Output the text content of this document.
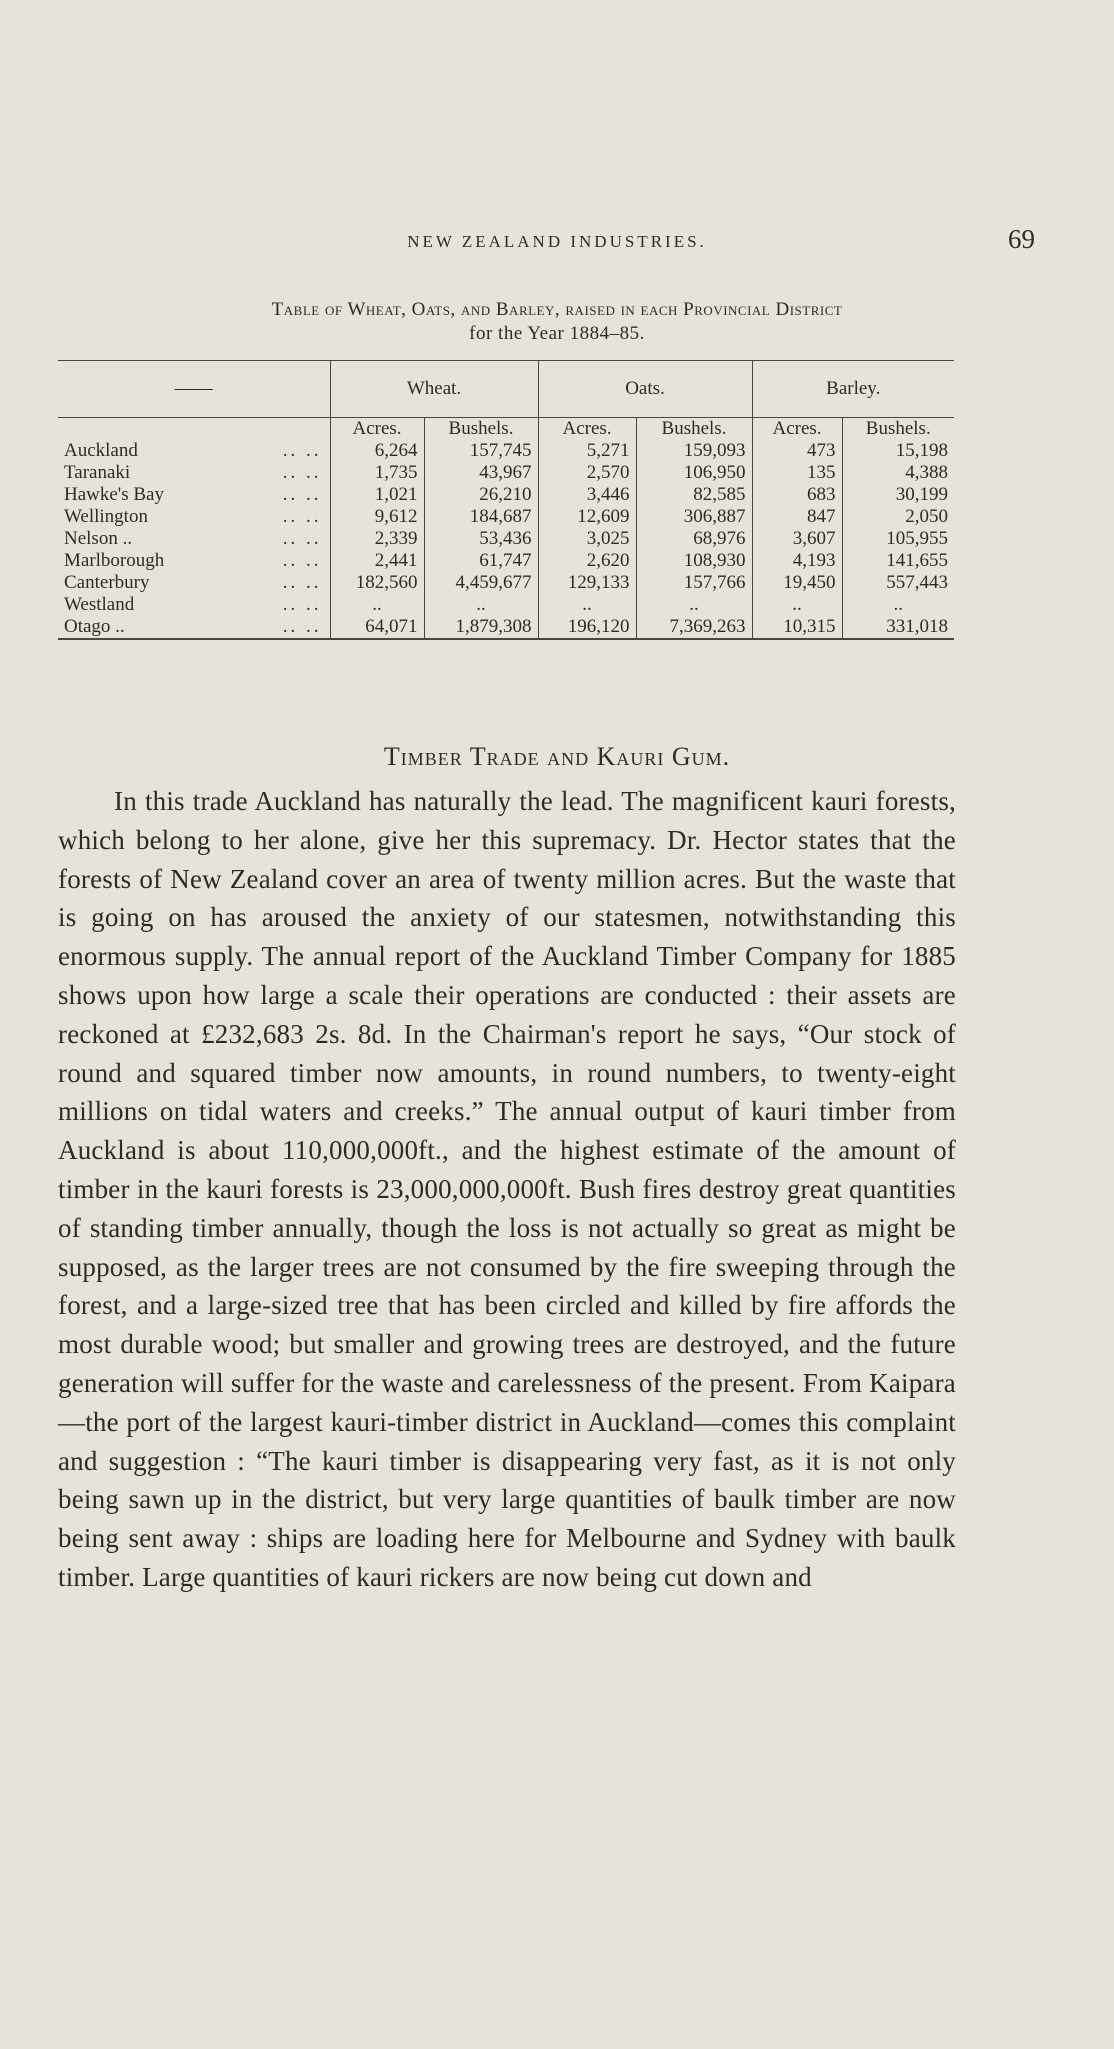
NEW ZEALAND INDUSTRIES.	69
Table of Wheat, Oats, and Barley, raised in each Provincial District
for the Year 1884–85.
——	Wheat.		Oats.		Barley.	
	Acres.	Bushels.	Acres.	Bushels.	Acres.	Bushels.
Auckland .. ..	6,264	157,745	5,271	159,093	473	15,198
Taranaki .. ..	1,735	43,967	2,570	106,950	135	4,388
Hawke's Bay .. ..	1,021	26,210	3,446	82,585	683	30,199
Wellington .. ..	9,612	184,687	12,609	306,887	847	2,050
Nelson .. .. ..	2,339	53,436	3,025	68,976	3,607	105,955
Marlborough .. ..	2,441	61,747	2,620	108,930	4,193	141,655
Canterbury .. ..	182,560	4,459,677	129,133	157,766	19,450	557,443
Westland .. ..	..	..	..	..	..	..
Otago .. .. ..	64,071	1,879,308	196,120	7,369,263	10,315	331,018
Timber Trade and Kauri Gum.

In this trade Auckland has naturally the lead. The magnificent kauri forests, which belong to her alone, give her this supremacy. Dr. Hector states that the forests of New Zealand cover an area of twenty million acres. But the waste that is going on has aroused the anxiety of our statesmen, notwithstanding this enormous supply. The annual report of the Auckland Timber Company for 1885 shows upon how large a scale their operations are conducted : their assets are reckoned at £232,683 2s. 8d. In the Chairman's report he says, “Our stock of round and squared timber now amounts, in round numbers, to twenty-eight millions on tidal waters and creeks.” The annual output of kauri timber from Auckland is about 110,000,000ft., and the highest estimate of the amount of timber in the kauri forests is 23,000,000,000ft. Bush fires destroy great quantities of standing timber annually, though the loss is not actually so great as might be supposed, as the larger trees are not consumed by the fire sweeping through the forest, and a large-sized tree that has been circled and killed by fire affords the most durable wood; but smaller and growing trees are destroyed, and the future generation will suffer for the waste and carelessness of the present. From Kaipara—the port of the largest kauri-timber district in Auckland—comes this complaint and suggestion : “The kauri timber is disappearing very fast, as it is not only being sawn up in the district, but very large quantities of baulk timber are now being sent away : ships are loading here for Melbourne and Sydney with baulk timber. Large quantities of kauri rickers are now being cut down and
